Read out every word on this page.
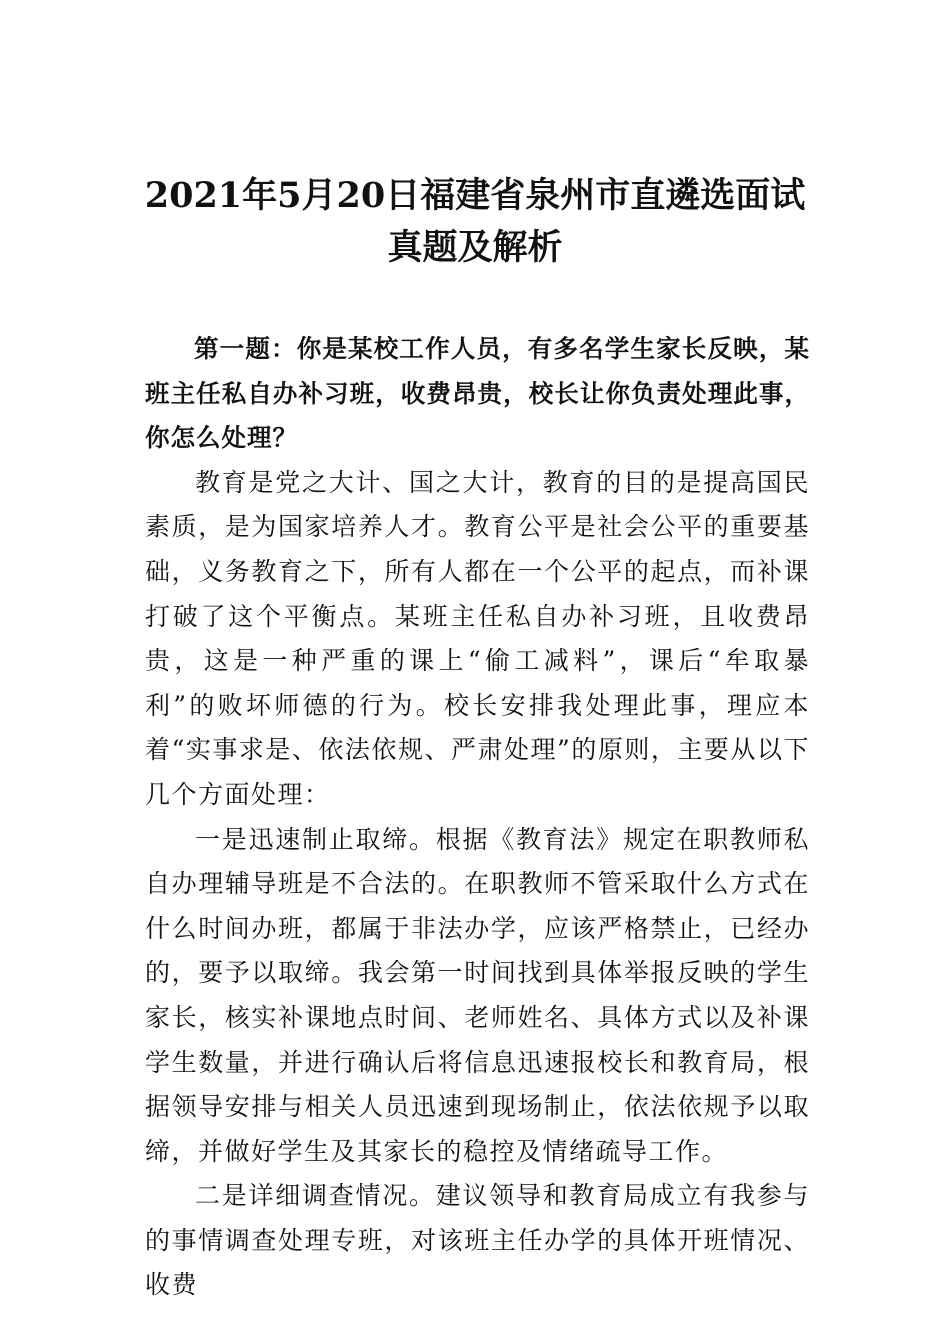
2021年5月20日福建省泉州市直遴选面试
真题及解析

第一题：你是某校工作人员，有多名学生家长反映，某班主任私自办补习班，收费昂贵，校长让你负责处理此事，你怎么处理？

教育是党之大计、国之大计，教育的目的是提高国民素质，是为国家培养人才。教育公平是社会公平的重要基础，义务教育之下，所有人都在一个公平的起点，而补课打破了这个平衡点。某班主任私自办补习班，且收费昂贵，这是一种严重的课上“偷工减料”，课后“牟取暴利”的败坏师德的行为。校长安排我处理此事，理应本着“实事求是、依法依规、严肃处理”的原则，主要从以下几个方面处理：

一是迅速制止取缔。根据《教育法》规定在职教师私自办理辅导班是不合法的。在职教师不管采取什么方式在什么时间办班，都属于非法办学，应该严格禁止，已经办的，要予以取缔。我会第一时间找到具体举报反映的学生家长，核实补课地点时间、老师姓名、具体方式以及补课学生数量，并进行确认后将信息迅速报校长和教育局，根据领导安排与相关人员迅速到现场制止，依法依规予以取缔，并做好学生及其家长的稳控及情绪疏导工作。

二是详细调查情况。建议领导和教育局成立有我参与的事情调查处理专班，对该班主任办学的具体开班情况、收费
